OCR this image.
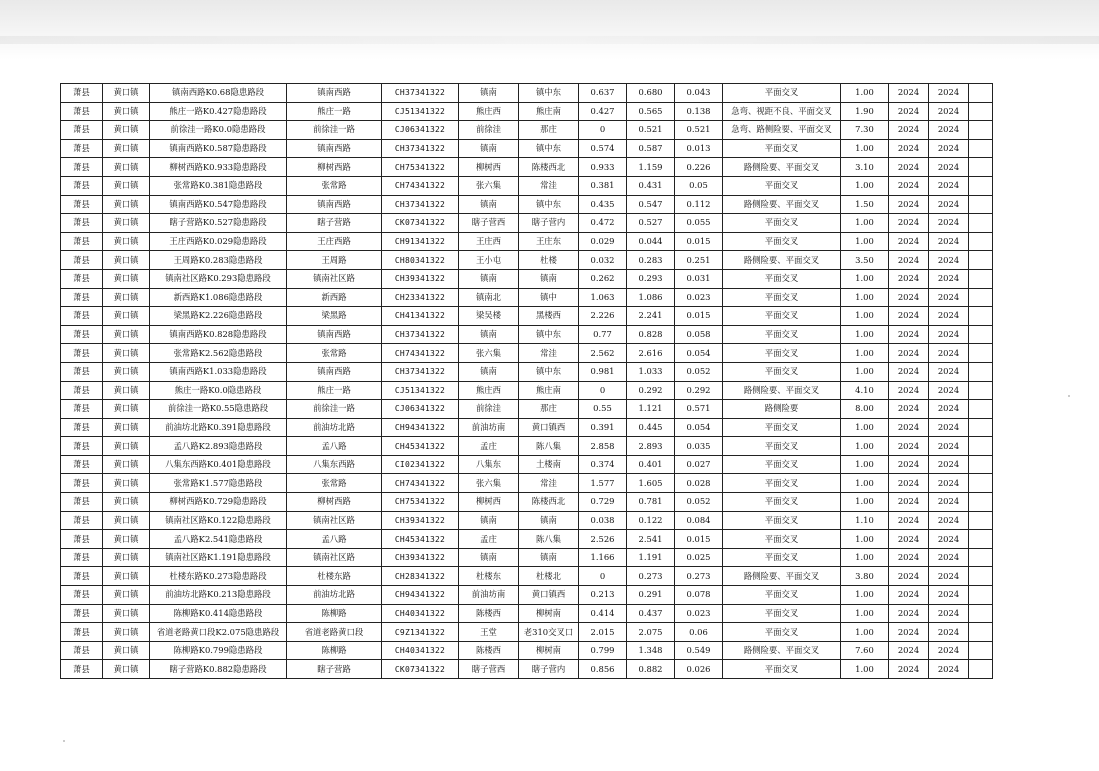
萧县	黄口镇	镇南西路K0.68隐患路段	镇南西路	CH37341322	镇南	镇中东	0.637	0.680	0.043	平面交叉	1.00	2024	2024	
萧县	黄口镇	熊庄一路K0.427隐患路段	熊庄一路	CJ51341322	熊庄西	熊庄南	0.427	0.565	0.138	急弯、视距不良、平面交叉	1.90	2024	2024	
萧县	黄口镇	前徐洼一路K0.0隐患路段	前徐洼一路	CJ06341322	前徐洼	那庄	0	0.521	0.521	急弯、路侧险要、平面交叉	7.30	2024	2024	
萧县	黄口镇	镇南西路K0.587隐患路段	镇南西路	CH37341322	镇南	镇中东	0.574	0.587	0.013	平面交叉	1.00	2024	2024	
萧县	黄口镇	柳树西路K0.933隐患路段	柳树西路	CH75341322	柳树西	陈楼西北	0.933	1.159	0.226	路侧险要、平面交叉	3.10	2024	2024	
萧县	黄口镇	张常路K0.381隐患路段	张常路	CH74341322	张六集	常洼	0.381	0.431	0.05	平面交叉	1.00	2024	2024	
萧县	黄口镇	镇南西路K0.547隐患路段	镇南西路	CH37341322	镇南	镇中东	0.435	0.547	0.112	路侧险要、平面交叉	1.50	2024	2024	
萧县	黄口镇	瞎子营路K0.527隐患路段	瞎子营路	CK07341322	瞎子营西	瞎子营内	0.472	0.527	0.055	平面交叉	1.00	2024	2024	
萧县	黄口镇	王庄西路K0.029隐患路段	王庄西路	CH91341322	王庄西	王庄东	0.029	0.044	0.015	平面交叉	1.00	2024	2024	
萧县	黄口镇	王周路K0.283隐患路段	王周路	CH80341322	王小屯	杜楼	0.032	0.283	0.251	路侧险要、平面交叉	3.50	2024	2024	
萧县	黄口镇	镇南社区路K0.293隐患路段	镇南社区路	CH39341322	镇南	镇南	0.262	0.293	0.031	平面交叉	1.00	2024	2024	
萧县	黄口镇	新西路K1.086隐患路段	新西路	CH23341322	镇南北	镇中	1.063	1.086	0.023	平面交叉	1.00	2024	2024	
萧县	黄口镇	梁黑路K2.226隐患路段	梁黑路	CH41341322	梁吴楼	黑楼西	2.226	2.241	0.015	平面交叉	1.00	2024	2024	
萧县	黄口镇	镇南西路K0.828隐患路段	镇南西路	CH37341322	镇南	镇中东	0.77	0.828	0.058	平面交叉	1.00	2024	2024	
萧县	黄口镇	张常路K2.562隐患路段	张常路	CH74341322	张六集	常洼	2.562	2.616	0.054	平面交叉	1.00	2024	2024	
萧县	黄口镇	镇南西路K1.033隐患路段	镇南西路	CH37341322	镇南	镇中东	0.981	1.033	0.052	平面交叉	1.00	2024	2024	
萧县	黄口镇	熊庄一路K0.0隐患路段	熊庄一路	CJ51341322	熊庄西	熊庄南	0	0.292	0.292	路侧险要、平面交叉	4.10	2024	2024	
萧县	黄口镇	前徐洼一路K0.55隐患路段	前徐洼一路	CJ06341322	前徐洼	那庄	0.55	1.121	0.571	路侧险要	8.00	2024	2024	
萧县	黄口镇	前油坊北路K0.391隐患路段	前油坊北路	CH94341322	前油坊南	黄口镇西	0.391	0.445	0.054	平面交叉	1.00	2024	2024	
萧县	黄口镇	孟八路K2.893隐患路段	孟八路	CH45341322	孟庄	陈八集	2.858	2.893	0.035	平面交叉	1.00	2024	2024	
萧县	黄口镇	八集东西路K0.401隐患路段	八集东西路	CI02341322	八集东	土楼南	0.374	0.401	0.027	平面交叉	1.00	2024	2024	
萧县	黄口镇	张常路K1.577隐患路段	张常路	CH74341322	张六集	常洼	1.577	1.605	0.028	平面交叉	1.00	2024	2024	
萧县	黄口镇	柳树西路K0.729隐患路段	柳树西路	CH75341322	柳树西	陈楼西北	0.729	0.781	0.052	平面交叉	1.00	2024	2024	
萧县	黄口镇	镇南社区路K0.122隐患路段	镇南社区路	CH39341322	镇南	镇南	0.038	0.122	0.084	平面交叉	1.10	2024	2024	
萧县	黄口镇	孟八路K2.541隐患路段	孟八路	CH45341322	孟庄	陈八集	2.526	2.541	0.015	平面交叉	1.00	2024	2024	
萧县	黄口镇	镇南社区路K1.191隐患路段	镇南社区路	CH39341322	镇南	镇南	1.166	1.191	0.025	平面交叉	1.00	2024	2024	
萧县	黄口镇	杜楼东路K0.273隐患路段	杜楼东路	CH28341322	杜楼东	杜楼北	0	0.273	0.273	路侧险要、平面交叉	3.80	2024	2024	
萧县	黄口镇	前油坊北路K0.213隐患路段	前油坊北路	CH94341322	前油坊南	黄口镇西	0.213	0.291	0.078	平面交叉	1.00	2024	2024	
萧县	黄口镇	陈柳路K0.414隐患路段	陈柳路	CH40341322	陈楼西	柳树南	0.414	0.437	0.023	平面交叉	1.00	2024	2024	
萧县	黄口镇	省道老路黄口段K2.075隐患路段	省道老路黄口段	C9Z1341322	王堂	老310交叉口	2.015	2.075	0.06	平面交叉	1.00	2024	2024	
萧县	黄口镇	陈柳路K0.799隐患路段	陈柳路	CH40341322	陈楼西	柳树南	0.799	1.348	0.549	路侧险要、平面交叉	7.60	2024	2024	
萧县	黄口镇	瞎子营路K0.882隐患路段	瞎子营路	CK07341322	瞎子营西	瞎子营内	0.856	0.882	0.026	平面交叉	1.00	2024	2024	
